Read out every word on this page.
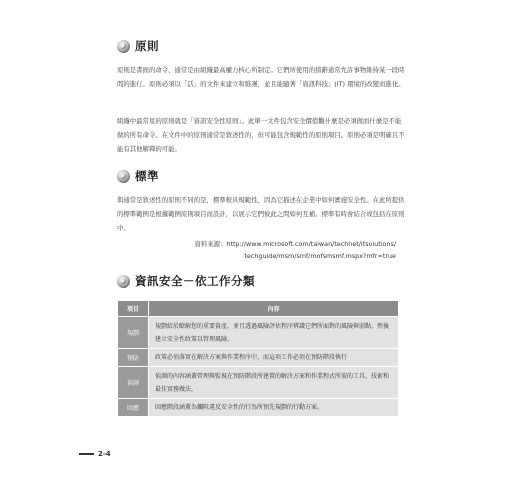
原則

原則是書面的命令、通常是由組織最高權力核心所制定。它們所使用的措辭通常允許事物維持某一段時間的進行。原則必須以「活」的文件來建立和維護，並且能隨著「資訊科技」(IT) 環境的改變而進化。

組織中最常見的原則就是「資訊安全性原則」。此單一文件包含安全價值觀什麼是必須做而什麼是不能做的所有命令。在文件中的原則通常是敘述性的，但可能包含規範性的原則項目。原則必須是明確且不能有其他解釋的可能。

標準

與通常是敘述性的原則不同的是，標準較具規範性，因為它描述在企業中如何實施安全性。在此所提供的標準範例是根據範例原則項目而設計，以展示它們彼此之間如何互補。標準有時會結合或包括在原則中。

資料來源：http://www.microsoft.com/taiwan/technet/itsolutions/
techguide/msm/smf/mofsmsmf.mspx?mfr=true
資訊安全－依工作分類
項目	內容
規劃	規劃給於瞭解您的重要資產，並且透過風險評估程序辨識它們所面對的風險與弱點，然後建立安全性政策以管理風險。
預防	政策必須落實在解決方案與作業程序中，而這項工作必須在預防階段執行
偵測	偵測的內容涵蓋管理與監視在預防階段所建置的解決方案和作業程式所需的工具、技術和最佳實務做法。
回應	回應階段涵蓋為攔阻違反安全性的行為所預先規劃的行動方案。
2-4
